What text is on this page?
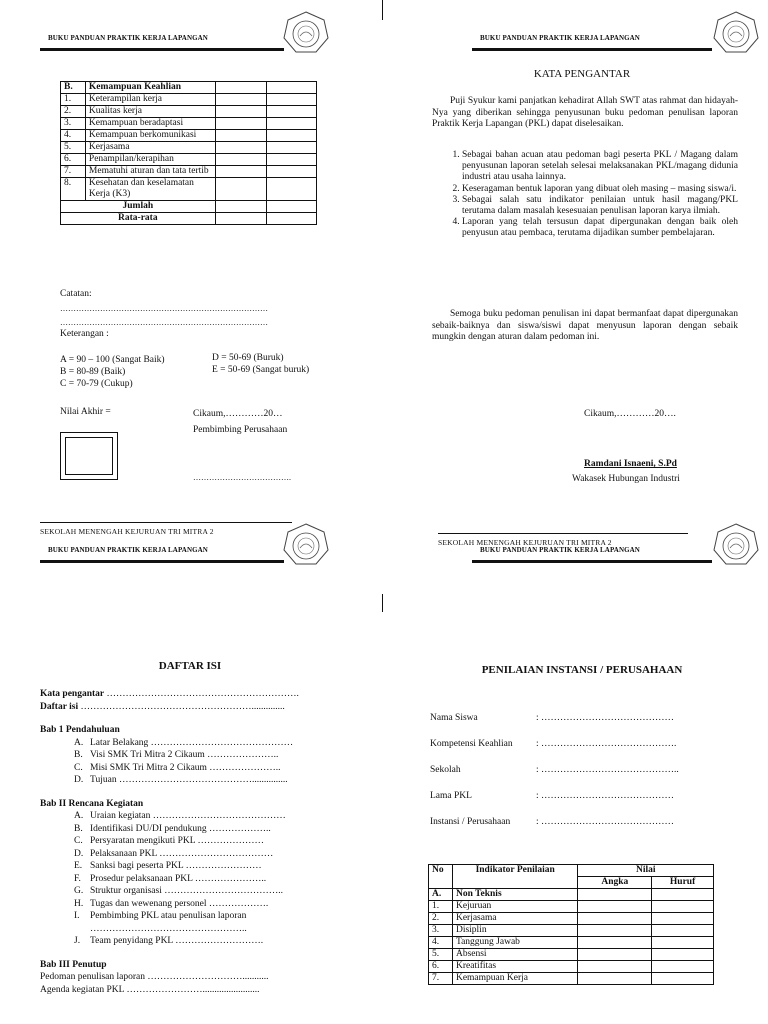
BUKU PANDUAN PRAKTIK KERJA LAPANGAN
B.	Kemampuan Keahlian		
1.	Keterampilan kerja		
2.	Kualitas kerja		
3.	Kemampuan beradaptasi		
4.	Kemampuan berkomunikasi		
5.	Kerjasama		
6.	Penampilan/kerapihan		
7.	Mematuhi aturan dan tata tertib		
8.	Kesehatan dan keselamatan Kerja (K3)		
Jumlah			
Rata-rata			
Catatan:
……………………………………………………………………
……………………………………………………………………
Keterangan :
A = 90 – 100 (Sangat Baik)
B = 80-89 (Baik)
C = 70-79 (Cukup)
D = 50-69 (Buruk)
E = 50-69 (Sangat buruk)
Nilai Akhir =	Cikaum,…………20…
Pembimbing Perusahaan
……………………………….
SEKOLAH MENENGAH KEJURUAN TRI MITRA 2
BUKU PANDUAN PRAKTIK KERJA LAPANGAN
KATA PENGANTAR
Puji Syukur kami panjatkan kehadirat Allah SWT atas rahmat dan hidayah-Nya yang diberikan sehingga penyusunan buku pedoman penulisan laporan Praktik Kerja Lapangan (PKL) dapat diselesaikan.
1. Sebagai bahan acuan atau pedoman bagi peserta PKL / Magang dalam penyusunan laporan setelah selesai melaksanakan PKL/magang didunia industri atau usaha lainnya.
2. Keseragaman bentuk laporan yang dibuat oleh masing – masing siswa/i.
3. Sebagai salah satu indikator penilaian untuk hasil magang/PKL terutama dalam masalah kesesuaian penulisan laporan karya ilmiah.
4. Laporan yang telah tersusun dapat dipergunakan dengan baik oleh penyusun atau pembaca, terutama dijadikan sumber pembelajaran.
Semoga buku pedoman penulisan ini dapat bermanfaat dapat dipergunakan sebaik-baiknya dan siswa/siswi dapat menyusun laporan dengan sebaik mungkin dengan aturan dalam pedoman ini.
Cikaum,…………20….
Ramdani Isnaeni, S.Pd
Wakasek Hubungan Industri
SEKOLAH MENENGAH KEJURUAN TRI MITRA 2
BUKU PANDUAN PRAKTIK KERJA LAPANGAN
DAFTAR ISI
Kata pengantar …………………………………………………….
Daftar isi ………………………………………………..............
Bab 1 Pendahuluan
A. Latar Belakang ………………………………………
B. Visi SMK Tri Mitra 2 Cikaum …………………..
C. Misi SMK Tri Mitra 2 Cikaum …………………..
D. Tujuan ……………………………………...............
Bab II Rencana Kegiatan
A. Uraian kegiatan ……………………………………
B. Identifikasi DU/DI pendukung ………………..
C. Persyaratan mengikuti PKL …………………
D. Pelaksanaan PKL ………………………………
E. Sanksi bagi peserta PKL ……………………
F. Prosedur pelaksanaan PKL …………………..
G. Struktur organisasi ………………………………..
H. Tugas dan wewenang personel ……………….
I.	Pembimbing PKL atau penulisan laporan …………………………………………..
J. Team penyidang PKL ……………………….
Bab III Penutup
Pedoman penulisan laporan …………………………...........
Agenda kegiatan PKL ……………………........................
BUKU PANDUAN PRAKTIK KERJA LAPANGAN
PENILAIAN INSTANSI / PERUSAHAAN
Nama Siswa	: ……………………………………
Kompetensi Keahlian	: …………………………………….
Sekolah	: ……………………………………..
Lama PKL	: ……………………………………
Instansi / Perusahaan	: ……………………………………
No	Indikator Penilaian	Nilai	
		Angka	Huruf
A.	Non Teknis		
1.	Kejuruan		
2.	Kerjasama		
3.	Disiplin		
4.	Tanggung Jawab		
5.	Absensi		
6.	Kreatifitas		
7.	Kemampuan Kerja		
